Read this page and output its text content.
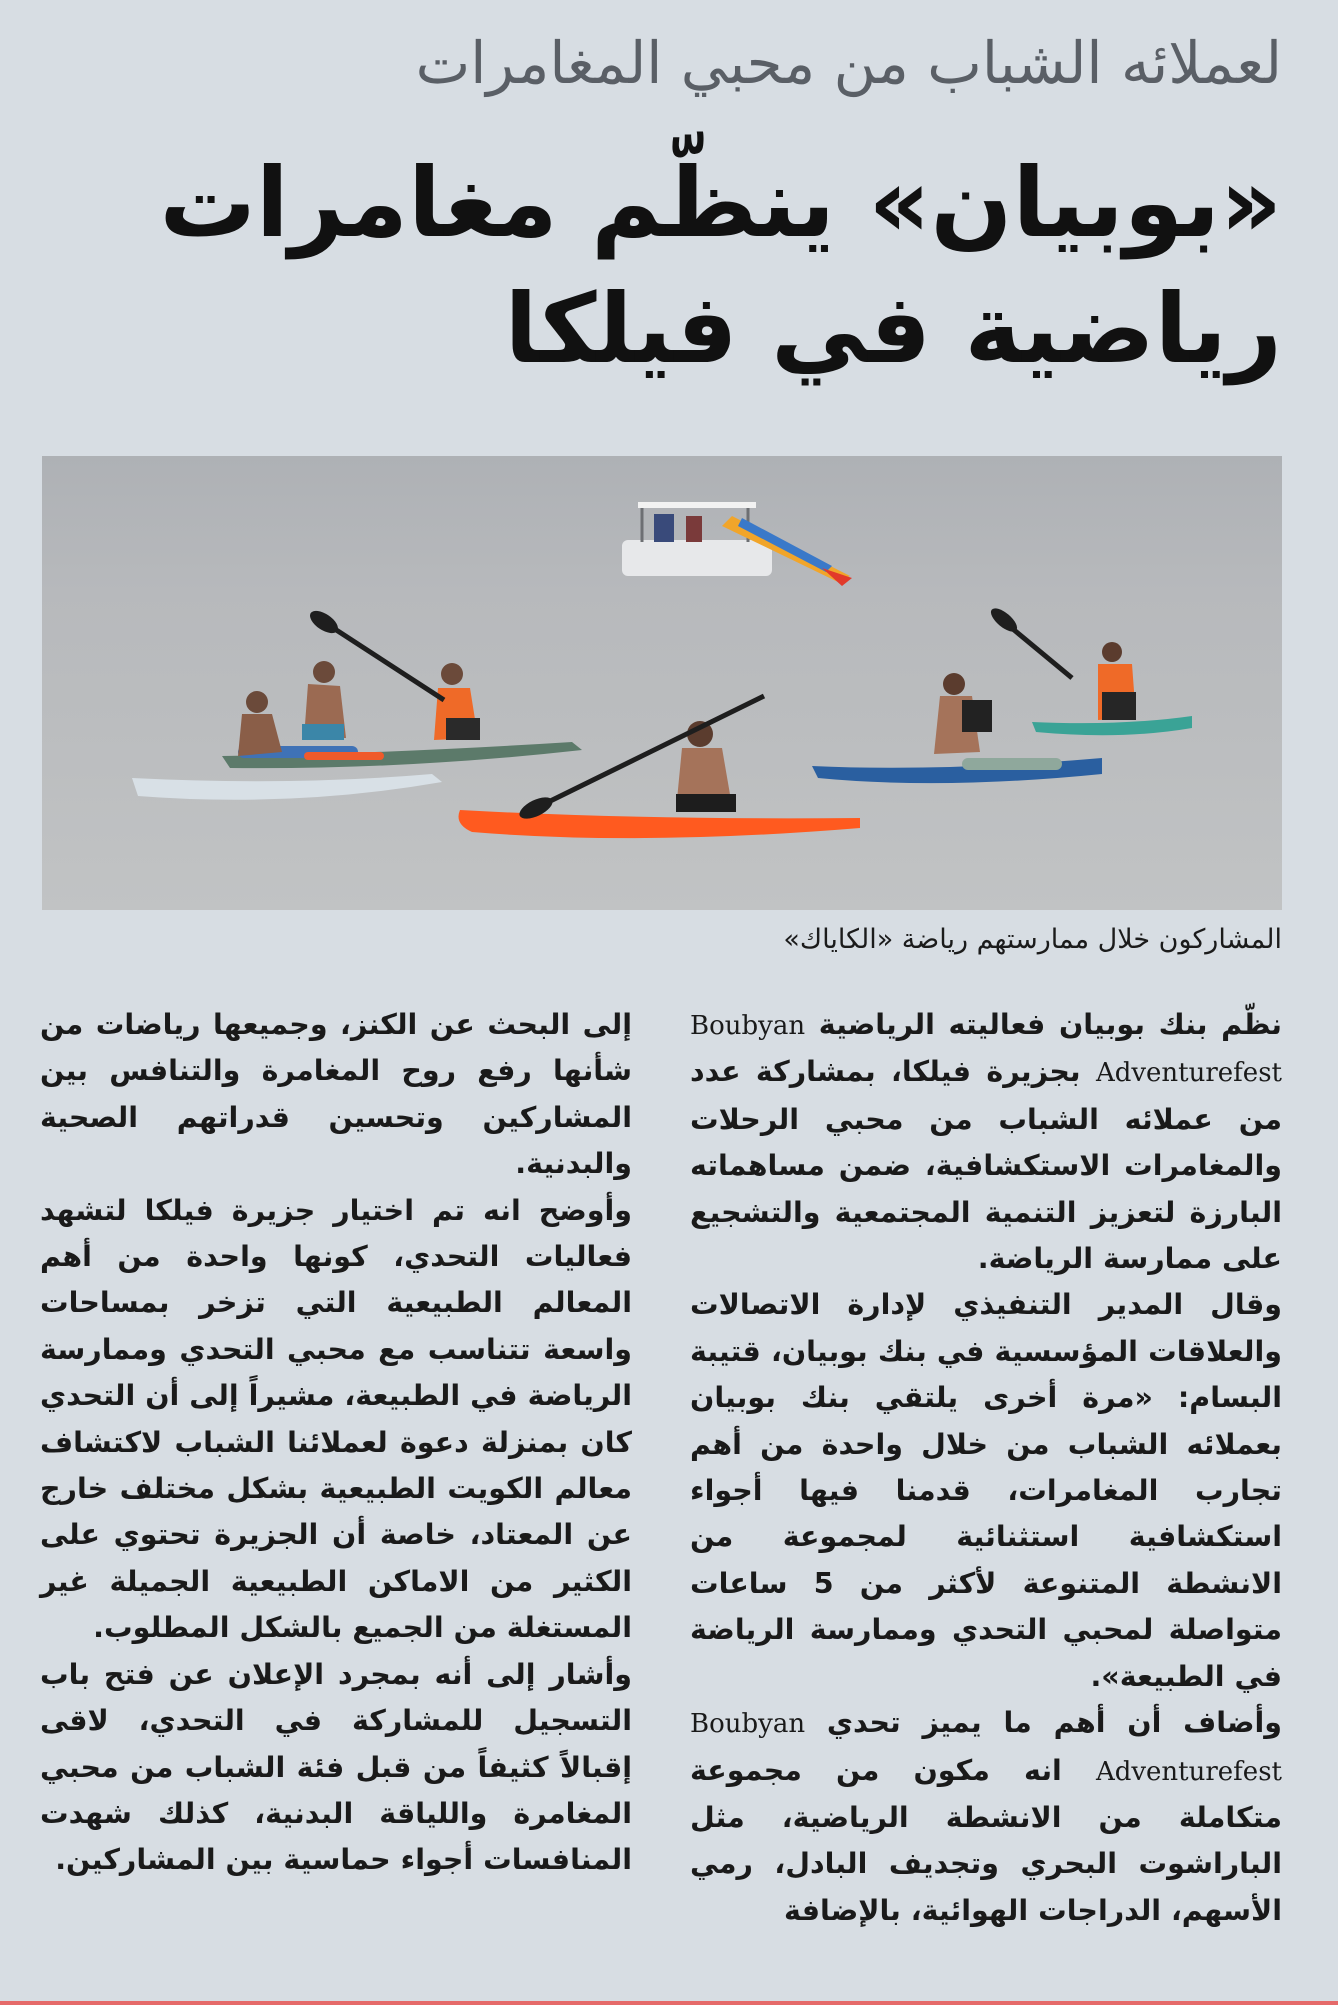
لعملائه الشباب من محبي المغامرات
«بوبيان» ينظّم مغامرات
رياضية في فيلكا
المشاركون خلال ممارستهم رياضة «الكاياك»

نظّم بنك بوبيان فعاليته الرياضية Boubyan Adventurefest بجزيرة فيلكا، بمشاركة عدد من عملائه الشباب من محبي الرحلات والمغامرات الاستكشافية، ضمن مساهماته البارزة لتعزيز التنمية المجتمعية والتشجيع على ممارسة الرياضة.

وقال المدير التنفيذي لإدارة الاتصالات والعلاقات المؤسسية في بنك بوبيان، قتيبة البسام: «مرة أخرى يلتقي بنك بوبيان بعملائه الشباب من خلال واحدة من أهم تجارب المغامرات، قدمنا فيها أجواء استكشافية استثنائية لمجموعة من الانشطة المتنوعة لأكثر من 5 ساعات متواصلة لمحبي التحدي وممارسة الرياضة في الطبيعة».

وأضاف أن أهم ما يميز تحدي Boubyan Adventurefest انه مكون من مجموعة متكاملة من الانشطة الرياضية، مثل الباراشوت البحري وتجديف البادل، رمي الأسهم، الدراجات الهوائية، بالإضافة

إلى البحث عن الكنز، وجميعها رياضات من شأنها رفع روح المغامرة والتنافس بين المشاركين وتحسين قدراتهم الصحية والبدنية.

وأوضح انه تم اختيار جزيرة فيلكا لتشهد فعاليات التحدي، كونها واحدة من أهم المعالم الطبيعية التي تزخر بمساحات واسعة تتناسب مع محبي التحدي وممارسة الرياضة في الطبيعة، مشيراً إلى أن التحدي كان بمنزلة دعوة لعملائنا الشباب لاكتشاف معالم الكويت الطبيعية بشكل مختلف خارج عن المعتاد، خاصة أن الجزيرة تحتوي على الكثير من الاماكن الطبيعية الجميلة غير المستغلة من الجميع بالشكل المطلوب.

وأشار إلى أنه بمجرد الإعلان عن فتح باب التسجيل للمشاركة في التحدي، لاقى إقبالاً كثيفاً من قبل فئة الشباب من محبي المغامرة واللياقة البدنية، كذلك شهدت المنافسات أجواء حماسية بين المشاركين.
